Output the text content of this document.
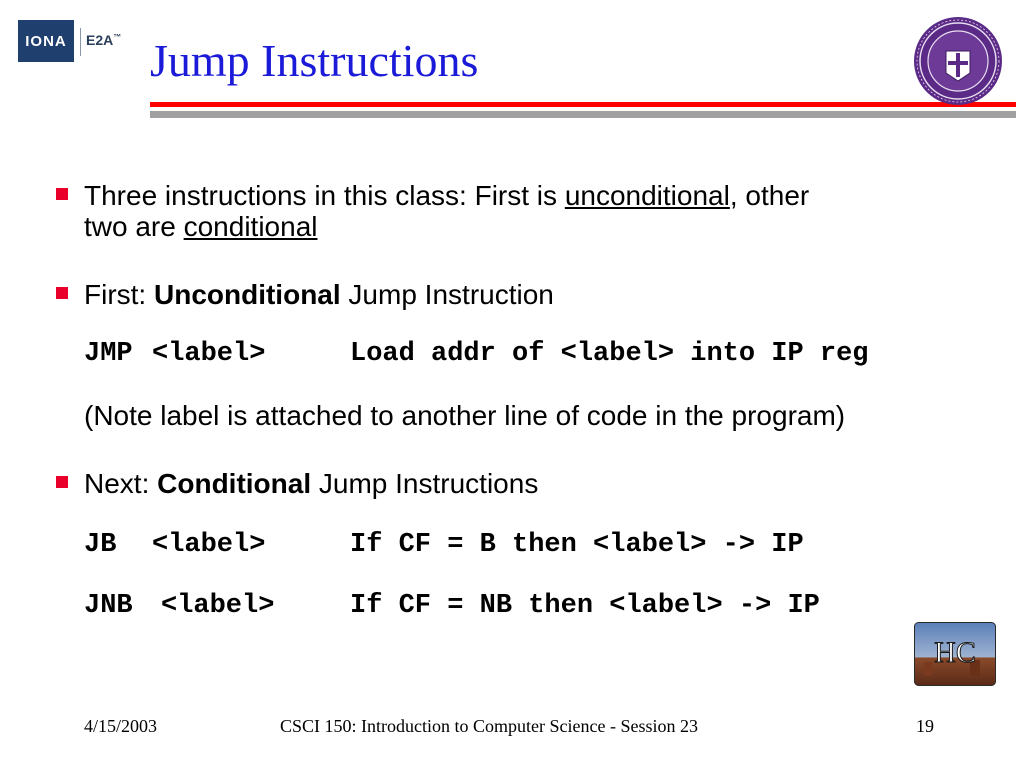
IONA E2A™ Jump Instructions
Three instructions in this class: First is unconditional, other
two are conditional
First: Unconditional Jump Instruction
JMP <label>	Load addr of <label> into IP reg
(Note label is attached to another line of code in the program)
Next: Conditional Jump Instructions
JB <label>	If CF = B then <label> -> IP
JNB <label>	If CF = NB then <label> -> IP
HC
4/15/2003	CSCI 150: Introduction to Computer Science - Session 23	19
